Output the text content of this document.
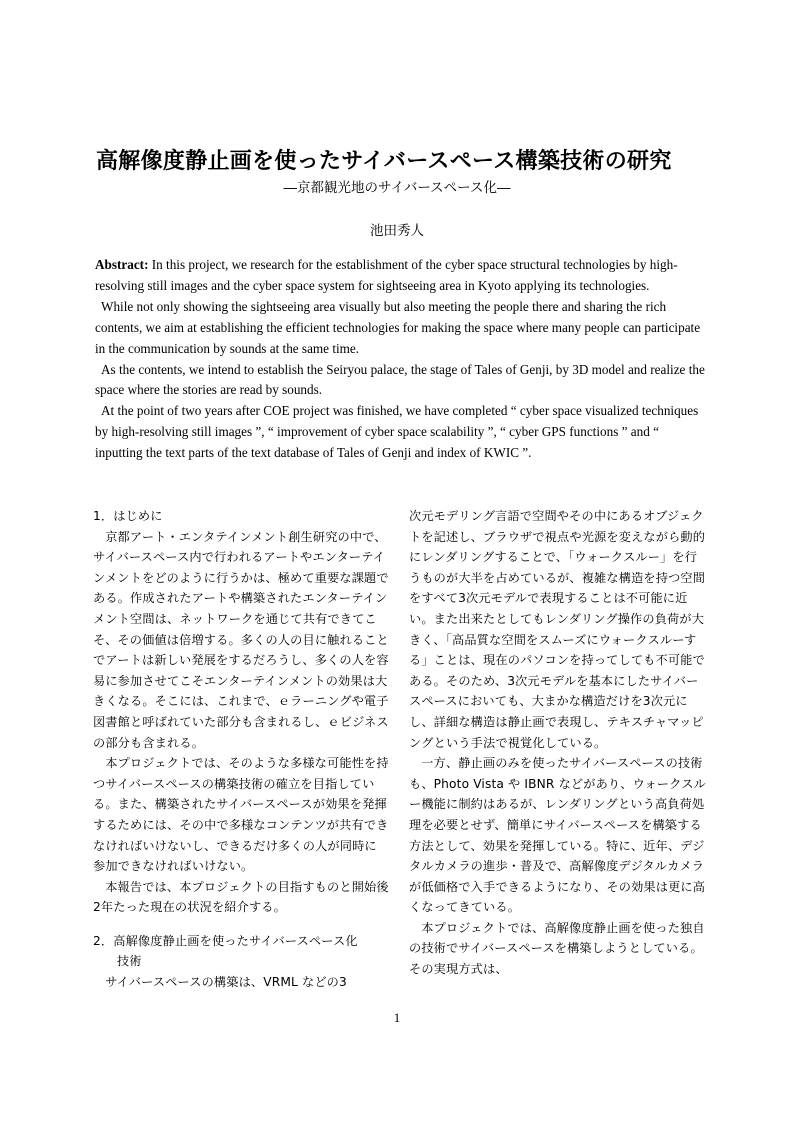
高解像度静止画を使ったサイバースペース構築技術の研究
―京都観光地のサイバースペース化―
池田秀人

Abstract: In this project, we research for the establishment of the cyber space structural technologies by high-resolving still images and the cyber space system for sightseeing area in Kyoto applying its technologies.

While not only showing the sightseeing area visually but also meeting the people there and sharing the rich contents, we aim at establishing the efficient technologies for making the space where many people can participate in the communication by sounds at the same time.

As the contents, we intend to establish the Seiryou palace, the stage of Tales of Genji, by 3D model and realize the space where the stories are read by sounds.

At the point of two years after COE project was finished, we have completed “ cyber space visualized techniques by high-resolving still images ”, “ improvement of cyber space scalability ”, “ cyber GPS functions ” and “ inputting the text parts of the text database of Tales of Genji and index of KWIC ”.

1．はじめに

京都アート・エンタテインメント創生研究の中で、サイバースペース内で行われるアートやエンターテインメントをどのように行うかは、極めて重要な課題である。作成されたアートや構築されたエンターテインメント空間は、ネットワークを通じて共有できてこそ、その価値は倍増する。多くの人の目に触れることでアートは新しい発展をするだろうし、多くの人を容易に参加させてこそエンターテインメントの効果は大きくなる。そこには、これまで、ｅラーニングや電子図書館と呼ばれていた部分も含まれるし、ｅビジネスの部分も含まれる。

本プロジェクトでは、そのような多様な可能性を持つサイバースペースの構築技術の確立を目指している。また、構築されたサイバースペースが効果を発揮するためには、その中で多様なコンテンツが共有できなければいけないし、できるだけ多くの人が同時に参加できなければいけない。

本報告では、本プロジェクトの目指すものと開始後2年たった現在の状況を紹介する。

2．高解像度静止画を使ったサイバースペース化

技術

サイバースペースの構築は、VRML などの3

次元モデリング言語で空間やその中にあるオブジェクトを記述し、ブラウザで視点や光源を変えながら動的にレンダリングすることで、「ウォークスルー」を行うものが大半を占めているが、複雑な構造を持つ空間をすべて3次元モデルで表現することは不可能に近い。また出来たとしてもレンダリング操作の負荷が大きく、「高品質な空間をスムーズにウォークスルーする」ことは、現在のパソコンを持ってしても不可能である。そのため、3次元モデルを基本にしたサイバースペースにおいても、大まかな構造だけを3次元にし、詳細な構造は静止画で表現し、テキスチャマッピングという手法で視覚化している。

一方、静止画のみを使ったサイバースペースの技術も、Photo Vista や IBNR などがあり、ウォークスルー機能に制約はあるが、レンダリングという高負荷処理を必要とせず、簡単にサイバースペースを構築する方法として、効果を発揮している。特に、近年、デジタルカメラの進歩・普及で、高解像度デジタルカメラが低価格で入手できるようになり、その効果は更に高くなってきている。

本プロジェクトでは、高解像度静止画を使った独自の技術でサイバースペースを構築しようとしている。その実現方式は、

1
